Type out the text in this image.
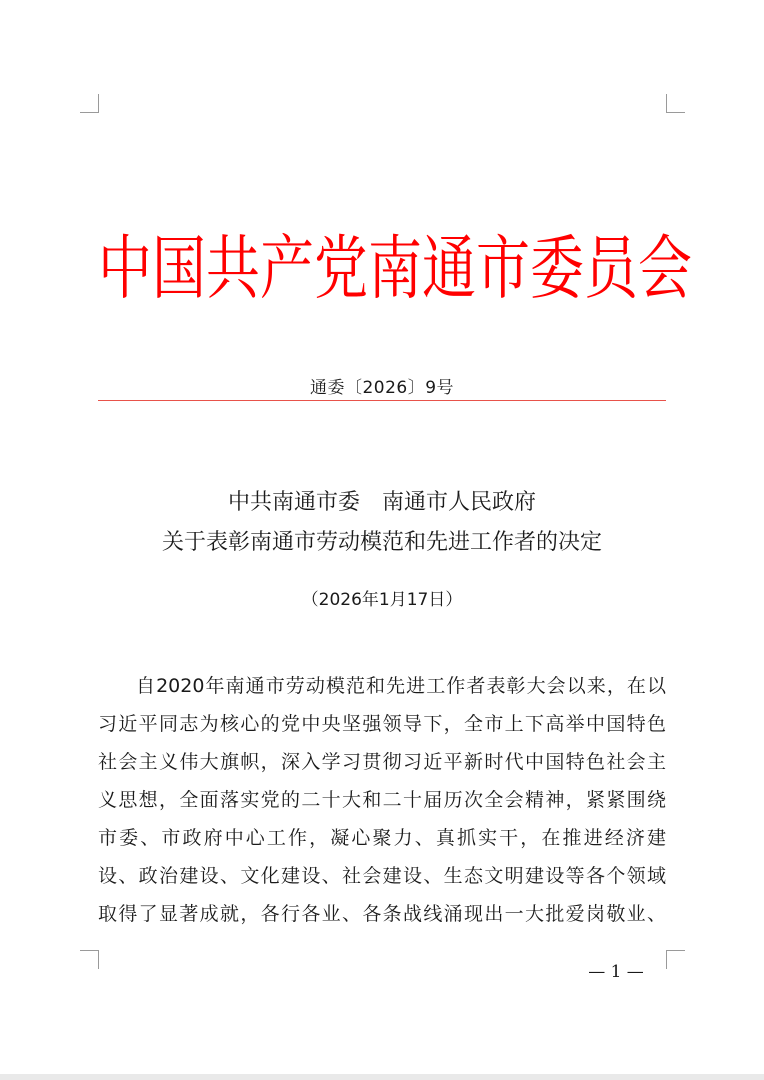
中国共产党南通市委员会
通委〔2026〕9号
中共南通市委　南通市人民政府
关于表彰南通市劳动模范和先进工作者的决定
（2026年1月17日）
自2020年南通市劳动模范和先进工作者表彰大会以来，在以
习近平同志为核心的党中央坚强领导下，全市上下高举中国特色
社会主义伟大旗帜，深入学习贯彻习近平新时代中国特色社会主
义思想，全面落实党的二十大和二十届历次全会精神，紧紧围绕
市委、市政府中心工作，凝心聚力、真抓实干，在推进经济建
设、政治建设、文化建设、社会建设、生态文明建设等各个领域
取得了显著成就，各行各业、各条战线涌现出一大批爱岗敬业、
— 1 —
